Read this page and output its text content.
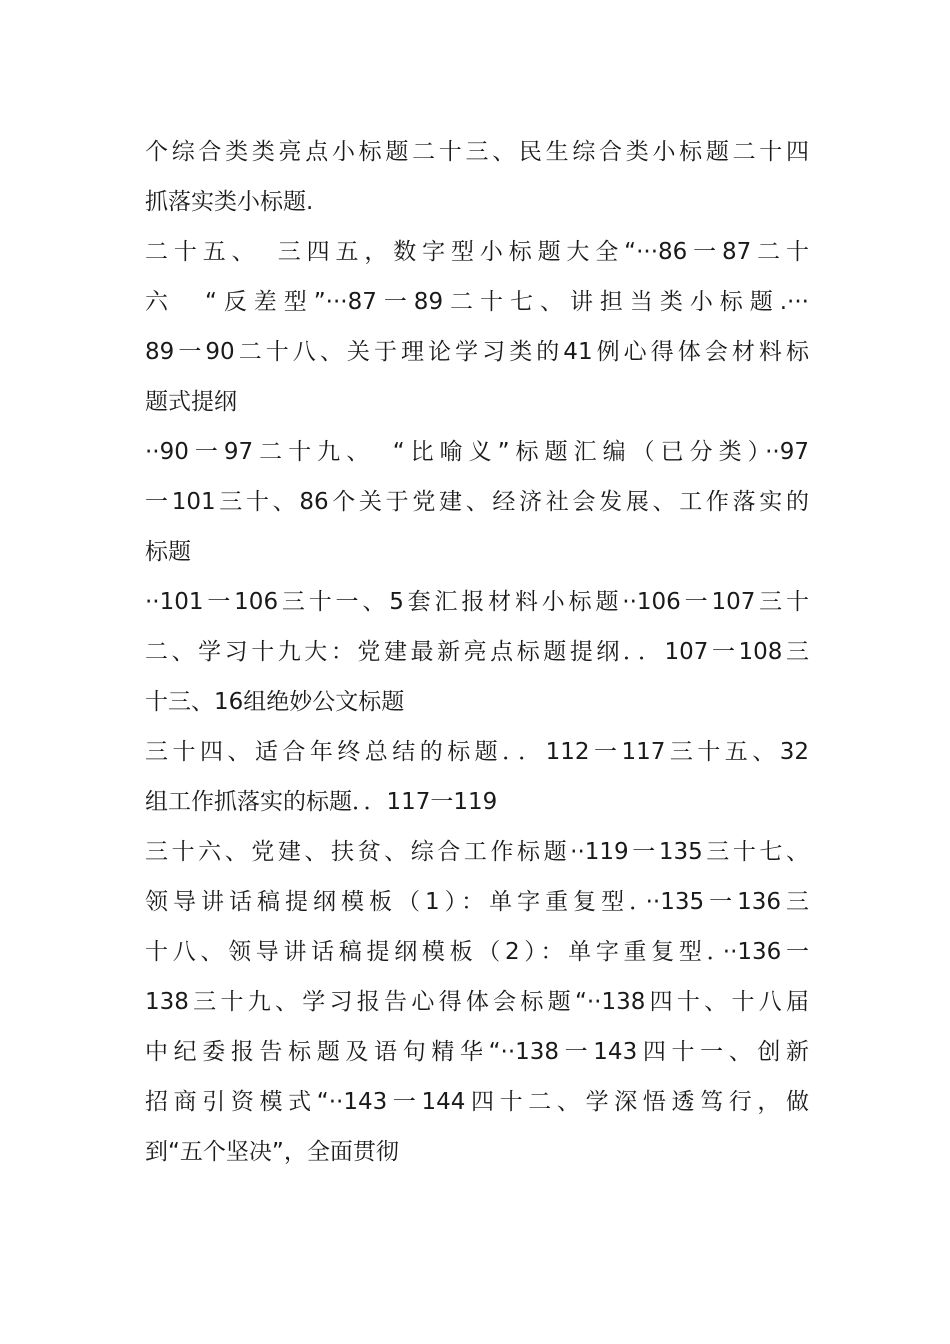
个综合类类亮点小标题二十三、民生综合类小标题二十四
抓落实类小标题.
二十五、　三四五，数字型小标题大全“···86一87二十
六　“反差型”···87一89二十七、讲担当类小标题.···
89一90二十八、关于理论学习类的41例心得体会材料标
题式提纲
··90一97二十九、　“比喻义”标题汇编（已分类）··97
一101三十、86个关于党建、经济社会发展、工作落实的
标题
··101一106三十一、5套汇报材料小标题··106一107三十
二、学习十九大：党建最新亮点标题提纲．．107一108三
十三、16组绝妙公文标题
三十四、适合年终总结的标题．．112一117三十五、32
组工作抓落实的标题．．117一119
三十六、党建、扶贫、综合工作标题··119一135三十七、
领导讲话稿提纲模板（1）：单字重复型．··135一136三
十八、领导讲话稿提纲模板（2）：单字重复型．··136一
138三十九、学习报告心得体会标题“··138四十、十八届
中纪委报告标题及语句精华“··138一143四十一、创新
招商引资模式“··143一144四十二、学深悟透笃行，做
到“五个坚决”，全面贯彻
